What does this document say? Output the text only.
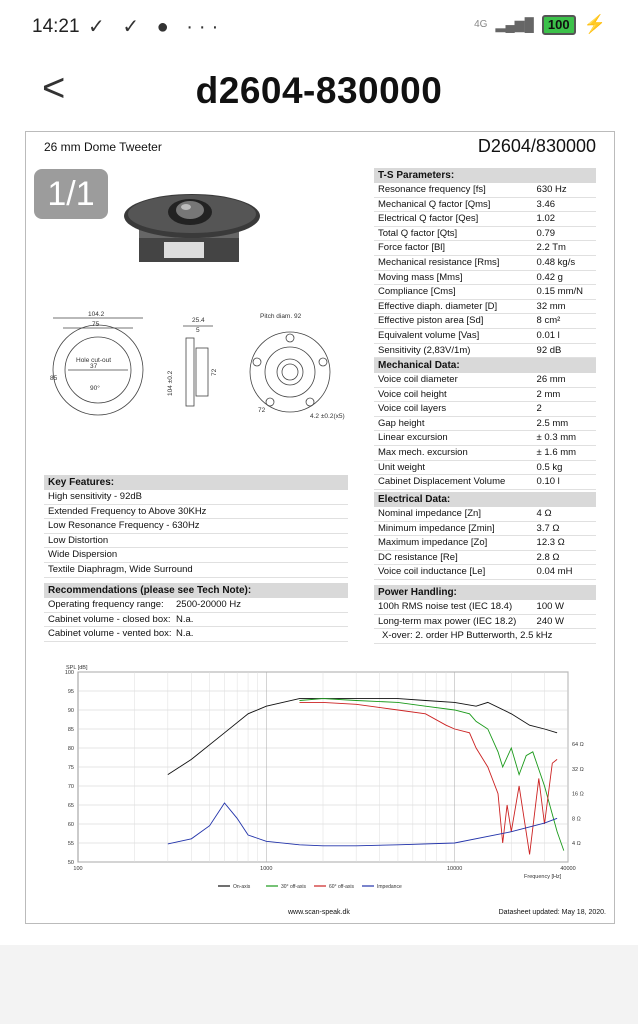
14:21 ✓ ✓ ● ···	4G ▂▄▆█	100 ⚡
<	d2604-830000
26 mm Dome Tweeter	D2604/830000
1/1
104.2
75
Hole cut-out
37
85
90°
25.4
5
104 ±0.2	72
Pitch diam. 92
4.2 ±0.2(x5)
72
T-S Parameters:
Resonance frequency [fs]	630 Hz
Mechanical Q factor [Qms]	3.46
Electrical Q factor [Qes]	1.02
Total Q factor [Qts]	0.79
Force factor [Bl]	2.2 Tm
Mechanical resistance [Rms]	0.48 kg/s
Moving mass [Mms]	0.42 g
Compliance [Cms]	0.15 mm/N
Effective diaph. diameter [D]	32 mm
Effective piston area [Sd]	8 cm²
Equivalent volume [Vas]	0.01 l
Sensitivity (2,83V/1m)	92 dB
Mechanical Data:
Voice coil diameter	26 mm
Voice coil height	2 mm
Voice coil layers	2
Gap height	2.5 mm
Linear excursion	± 0.3 mm
Max mech. excursion	± 1.6 mm
Unit weight	0.5 kg
Cabinet Displacement Volume	0.10 l
Electrical Data:
Nominal impedance [Zn]	4 Ω
Minimum impedance [Zmin]	3.7 Ω
Maximum impedance [Zo]	12.3 Ω
DC resistance [Re]	2.8 Ω
Voice coil inductance [Le]	0.04 mH
Power Handling:
100h RMS noise test (IEC 18.4)	100 W
Long-term max power (IEC 18.2)	240 W
X-over: 2. order HP Butterworth, 2.5 kHz
Key Features:
High sensitivity - 92dB
Extended Frequency to Above 30KHz
Low Resonance Frequency - 630Hz
Low Distortion
Wide Dispersion
Textile Diaphragm, Wide Surround
Recommendations (please see Tech Note):
Operating frequency range:	2500-20000 Hz
Cabinet volume - closed box: N.a.
Cabinet volume - vented box: N.a.
100
95
90
85
80
75
70
65
60
55
50
100	1000	10000	40000
64 Ω
32 Ω
16 Ω
8 Ω
4 Ω
SPL [dB]
Frequency [Hz]
On-axis	30° off-axis	60° off-axis	Impedance
www.scan-speak.dk	Datasheet updated: May 18, 2020.
